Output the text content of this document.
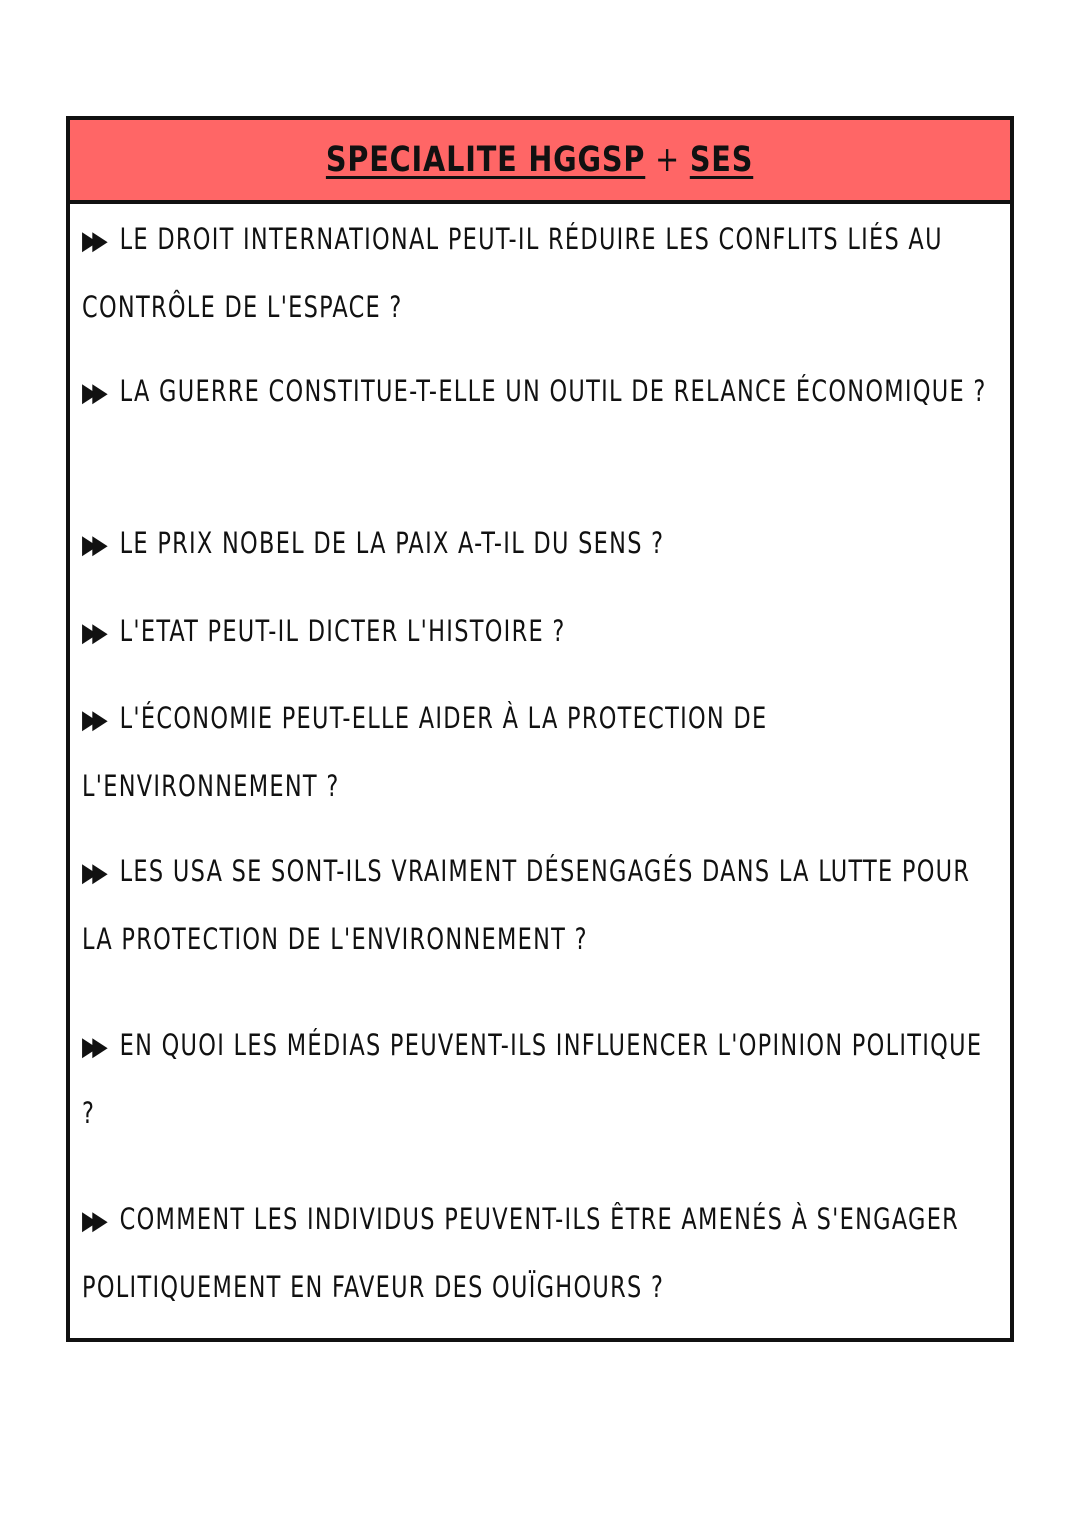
SPECIALITE HGGSP + SES
▶▶ LE DROIT INTERNATIONAL PEUT-IL RÉDUIRE LES CONFLITS LIÉS AU CONTRÔLE DE L'ESPACE ?
▶▶ LA GUERRE CONSTITUE-T-ELLE UN OUTIL DE RELANCE ÉCONOMIQUE ?
▶▶ LE PRIX NOBEL DE LA PAIX A-T-IL DU SENS ?
▶▶ L'ETAT PEUT-IL DICTER L'HISTOIRE ?
▶▶ L'ÉCONOMIE PEUT-ELLE AIDER À LA PROTECTION DE L'ENVIRONNEMENT ?
▶▶ LES USA SE SONT-ILS VRAIMENT DÉSENGAGÉS DANS LA LUTTE POUR LA PROTECTION DE L'ENVIRONNEMENT ?
▶▶ EN QUOI LES MÉDIAS PEUVENT-ILS INFLUENCER L'OPINION POLITIQUE ?
▶▶ COMMENT LES INDIVIDUS PEUVENT-ILS ÊTRE AMENÉS À S'ENGAGER POLITIQUEMENT EN FAVEUR DES OUÏGHOURS ?
